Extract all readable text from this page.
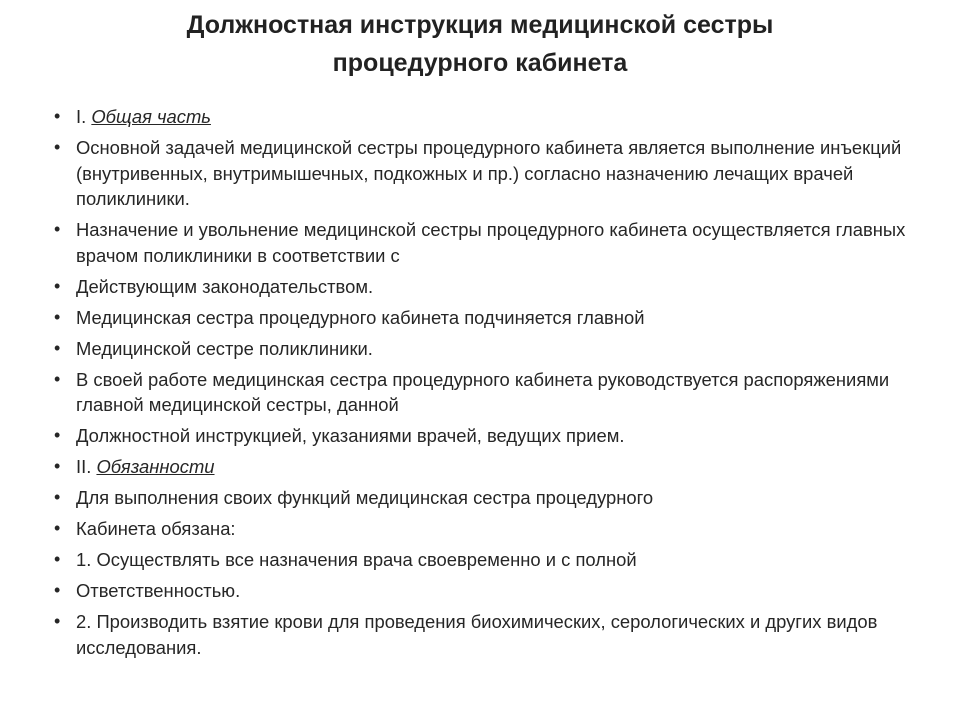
Должностная инструкция медицинской сестры
процедурного кабинета
• I. Общая часть
• Основной задачей медицинской сестры процедурного кабинета является выполнение инъекций (внутривенных, внутримышечных, подкожных и пр.) согласно назначению лечащих врачей поликлиники.
• Назначение и увольнение медицинской сестры процедурного кабинета осуществляется главных врачом поликлиники в соответствии с
• Действующим законодательством.
• Медицинская сестра процедурного кабинета подчиняется главной
• Медицинской сестре поликлиники.
• В своей работе медицинская сестра процедурного кабинета руководствуется распоряжениями главной медицинской сестры, данной
• Должностной инструкцией, указаниями врачей, ведущих прием.
• II. Обязанности
• Для выполнения своих функций медицинская сестра процедурного
• Кабинета обязана:
• 1. Осуществлять все назначения врача своевременно и с полной
• Ответственностью.
• 2. Производить взятие крови для проведения биохимических, серологических и других видов исследования.
